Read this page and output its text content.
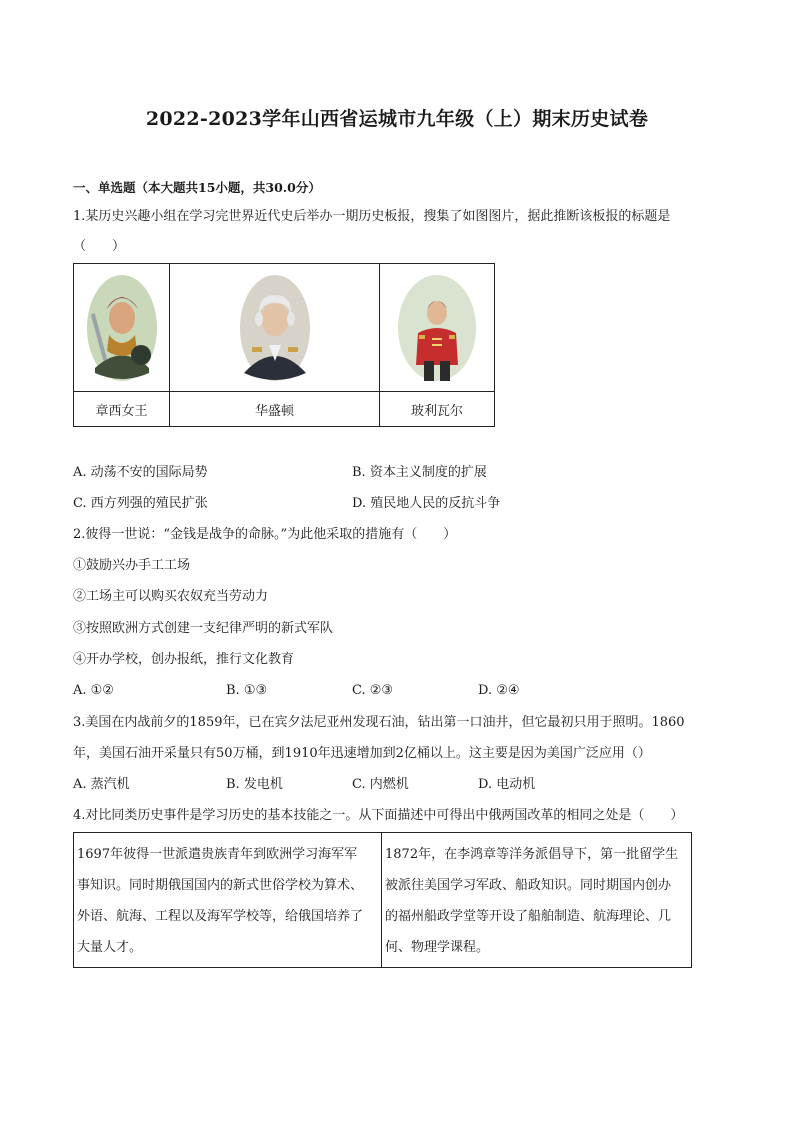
2022-2023学年山西省运城市九年级（上）期末历史试卷
一、单选题（本大题共15小题，共30.0分）
1.某历史兴趣小组在学习完世界近代史后举办一期历史板报，搜集了如图图片，据此推断该板报的标题是
（　　）

章西女王	华盛顿	玻利瓦尔
A. 动荡不安的国际局势	B. 资本主义制度的扩展
C. 西方列强的殖民扩张	D. 殖民地人民的反抗斗争
2.彼得一世说：“金钱是战争的命脉。”为此他采取的措施有（　　）
①鼓励兴办手工工场
②工场主可以购买农奴充当劳动力
③按照欧洲方式创建一支纪律严明的新式军队
④开办学校，创办报纸，推行文化教育
A. ①②	B. ①③	C. ②③	D. ②④
3.美国在内战前夕的1859年，已在宾夕法尼亚州发现石油，钻出第一口油井，但它最初只用于照明。1860
年，美国石油开采量只有50万桶，到1910年迅速增加到2亿桶以上。这主要是因为美国广泛应用（）
A. 蒸汽机	B. 发电机	C. 内燃机	D. 电动机
4.对比同类历史事件是学习历史的基本技能之一。从下面描述中可得出中俄两国改革的相同之处是（　　）
1697年彼得一世派遣贵族青年到欧洲学习海军军
事知识。同时期俄国国内的新式世俗学校为算术、
外语、航海、工程以及海军学校等，给俄国培养了
大量人才。

1872年，在李鸿章等洋务派倡导下，第一批留学生
被派往美国学习军政、船政知识。同时期国内创办
的福州船政学堂等开设了船舶制造、航海理论、几
何、物理学课程。
